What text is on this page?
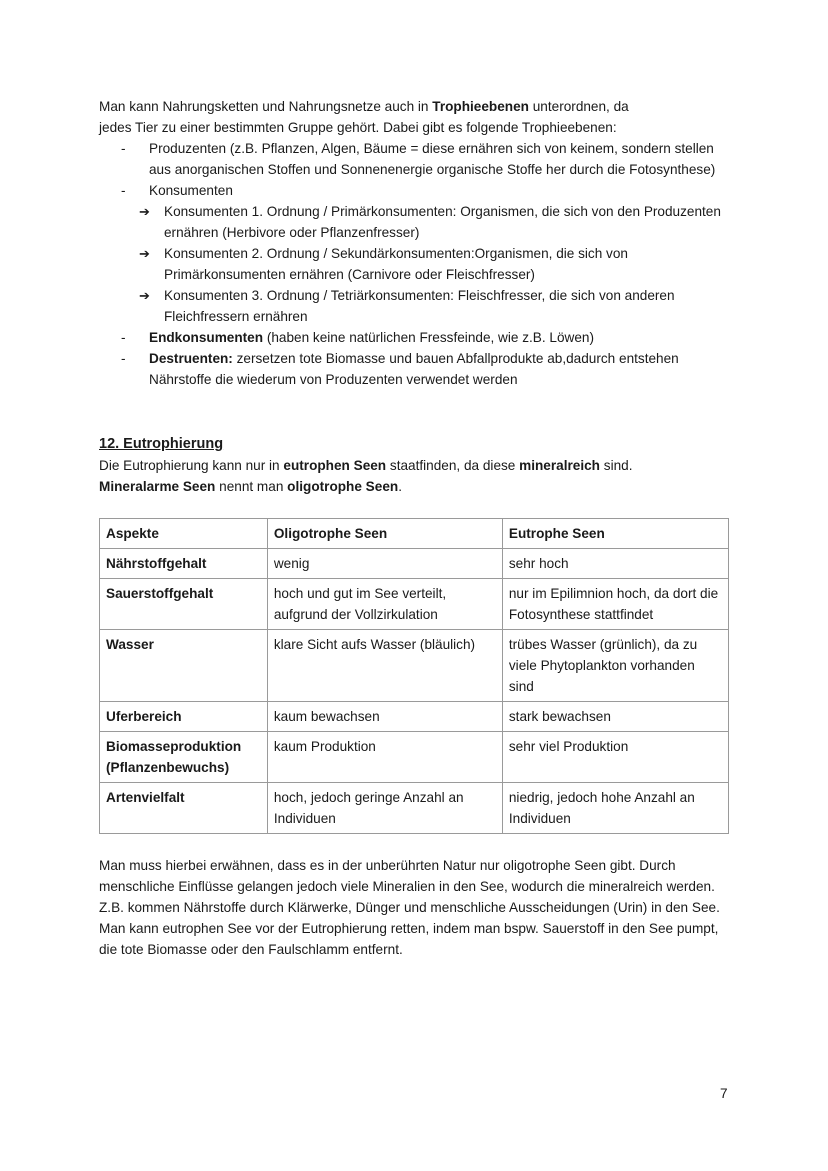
Man kann Nahrungsketten und Nahrungsnetze auch in Trophieebenen unterordnen, da
jedes Tier zu einer bestimmten Gruppe gehört. Dabei gibt es folgende Trophieebenen:

- Produzenten (z.B. Pflanzen, Algen, Bäume = diese ernähren sich von keinem, sondern stellen aus anorganischen Stoffen und Sonnenenergie organische Stoffe her durch die Fotosynthese)
- Konsumenten
➔ Konsumenten 1. Ordnung / Primärkonsumenten: Organismen, die sich von den Produzenten ernähren (Herbivore oder Pflanzenfresser)
➔ Konsumenten 2. Ordnung / Sekundärkonsumenten:Organismen, die sich von Primärkonsumenten ernähren (Carnivore oder Fleischfresser)
➔ Konsumenten 3. Ordnung / Tetriärkonsumenten: Fleischfresser, die sich von anderen Fleichfressern ernähren
- Endkonsumenten (haben keine natürlichen Fressfeinde, wie z.B. Löwen)
- Destruenten: zersetzen tote Biomasse und bauen Abfallprodukte ab,dadurch entstehen Nährstoffe die wiederum von Produzenten verwendet werden
12. Eutrophierung

Die Eutrophierung kann nur in eutrophen Seen staatfinden, da diese mineralreich sind.
Mineralarme Seen nennt man oligotrophe Seen.

Aspekte	Oligotrophe Seen	Eutrophe Seen
Nährstoffgehalt	wenig	sehr hoch
Sauerstoffgehalt	hoch und gut im See verteilt, aufgrund der Vollzirkulation	nur im Epilimnion hoch, da dort die Fotosynthese stattfindet
Wasser	klare Sicht aufs Wasser (bläulich)	trübes Wasser (grünlich), da zu viele Phytoplankton vorhanden sind
Uferbereich	kaum bewachsen	stark bewachsen
Biomasseproduktion (Pflanzenbewuchs)	kaum Produktion	sehr viel Produktion
Artenvielfalt	hoch, jedoch geringe Anzahl an Individuen	niedrig, jedoch hohe Anzahl an Individuen

Man muss hierbei erwähnen, dass es in der unberührten Natur nur oligotrophe Seen gibt. Durch menschliche Einflüsse gelangen jedoch viele Mineralien in den See, wodurch die mineralreich werden. Z.B. kommen Nährstoffe durch Klärwerke, Dünger und menschliche Ausscheidungen (Urin) in den See. Man kann eutrophen See vor der Eutrophierung retten, indem man bspw. Sauerstoff in den See pumpt, die tote Biomasse oder den Faulschlamm entfernt.

7
